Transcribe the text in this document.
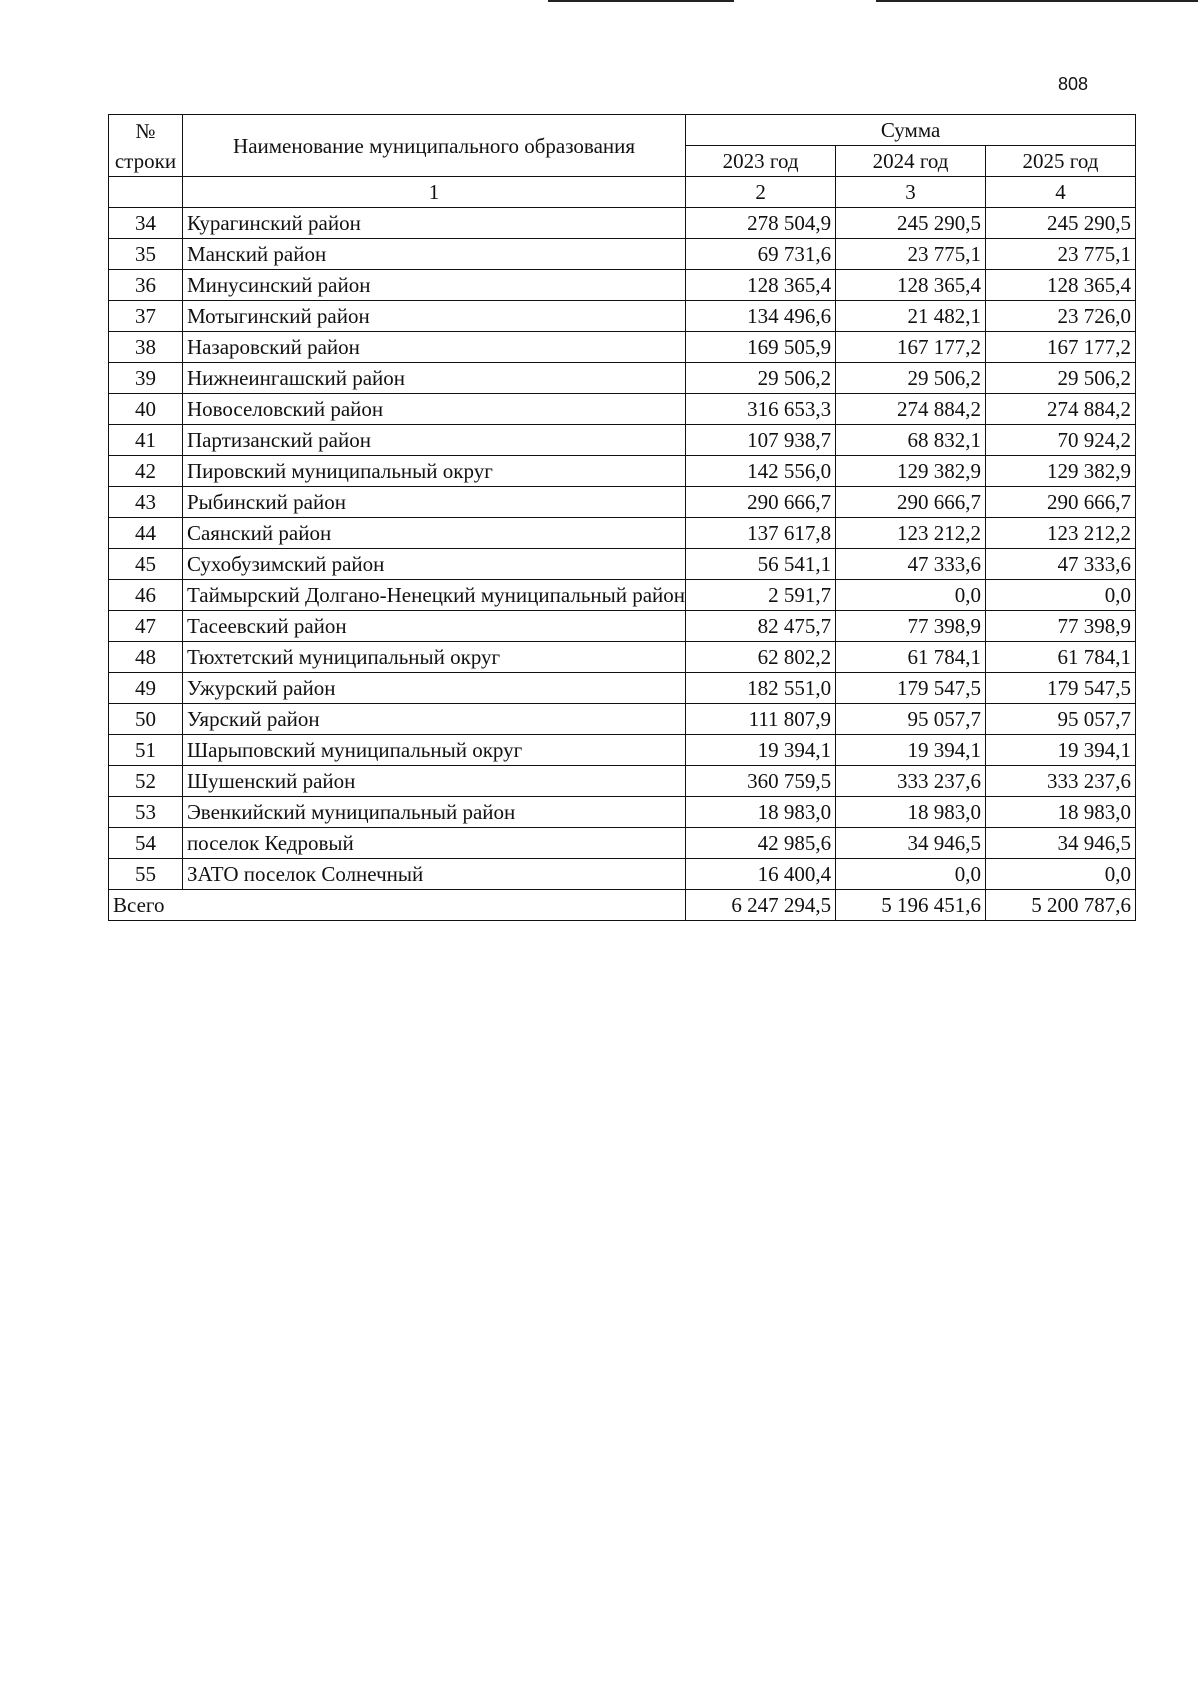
808
№
строки	Наименование муниципального образования	Сумма		
		2023 год	2024 год	2025 год
	1	2	3	4
34	Курагинский район	278 504,9	245 290,5	245 290,5
35	Манский район	69 731,6	23 775,1	23 775,1
36	Минусинский район	128 365,4	128 365,4	128 365,4
37	Мотыгинский район	134 496,6	21 482,1	23 726,0
38	Назаровский район	169 505,9	167 177,2	167 177,2
39	Нижнеингашский район	29 506,2	29 506,2	29 506,2
40	Новоселовский район	316 653,3	274 884,2	274 884,2
41	Партизанский район	107 938,7	68 832,1	70 924,2
42	Пировский муниципальный округ	142 556,0	129 382,9	129 382,9
43	Рыбинский район	290 666,7	290 666,7	290 666,7
44	Саянский район	137 617,8	123 212,2	123 212,2
45	Сухобузимский район	56 541,1	47 333,6	47 333,6
46	Таймырский Долгано-Ненецкий муниципальный район	2 591,7	0,0	0,0
47	Тасеевский район	82 475,7	77 398,9	77 398,9
48	Тюхтетский муниципальный округ	62 802,2	61 784,1	61 784,1
49	Ужурский район	182 551,0	179 547,5	179 547,5
50	Уярский район	111 807,9	95 057,7	95 057,7
51	Шарыповский муниципальный округ	19 394,1	19 394,1	19 394,1
52	Шушенский район	360 759,5	333 237,6	333 237,6
53	Эвенкийский муниципальный район	18 983,0	18 983,0	18 983,0
54	поселок Кедровый	42 985,6	34 946,5	34 946,5
55	ЗАТО поселок Солнечный	16 400,4	0,0	0,0
Всего		6 247 294,5	5 196 451,6	5 200 787,6
